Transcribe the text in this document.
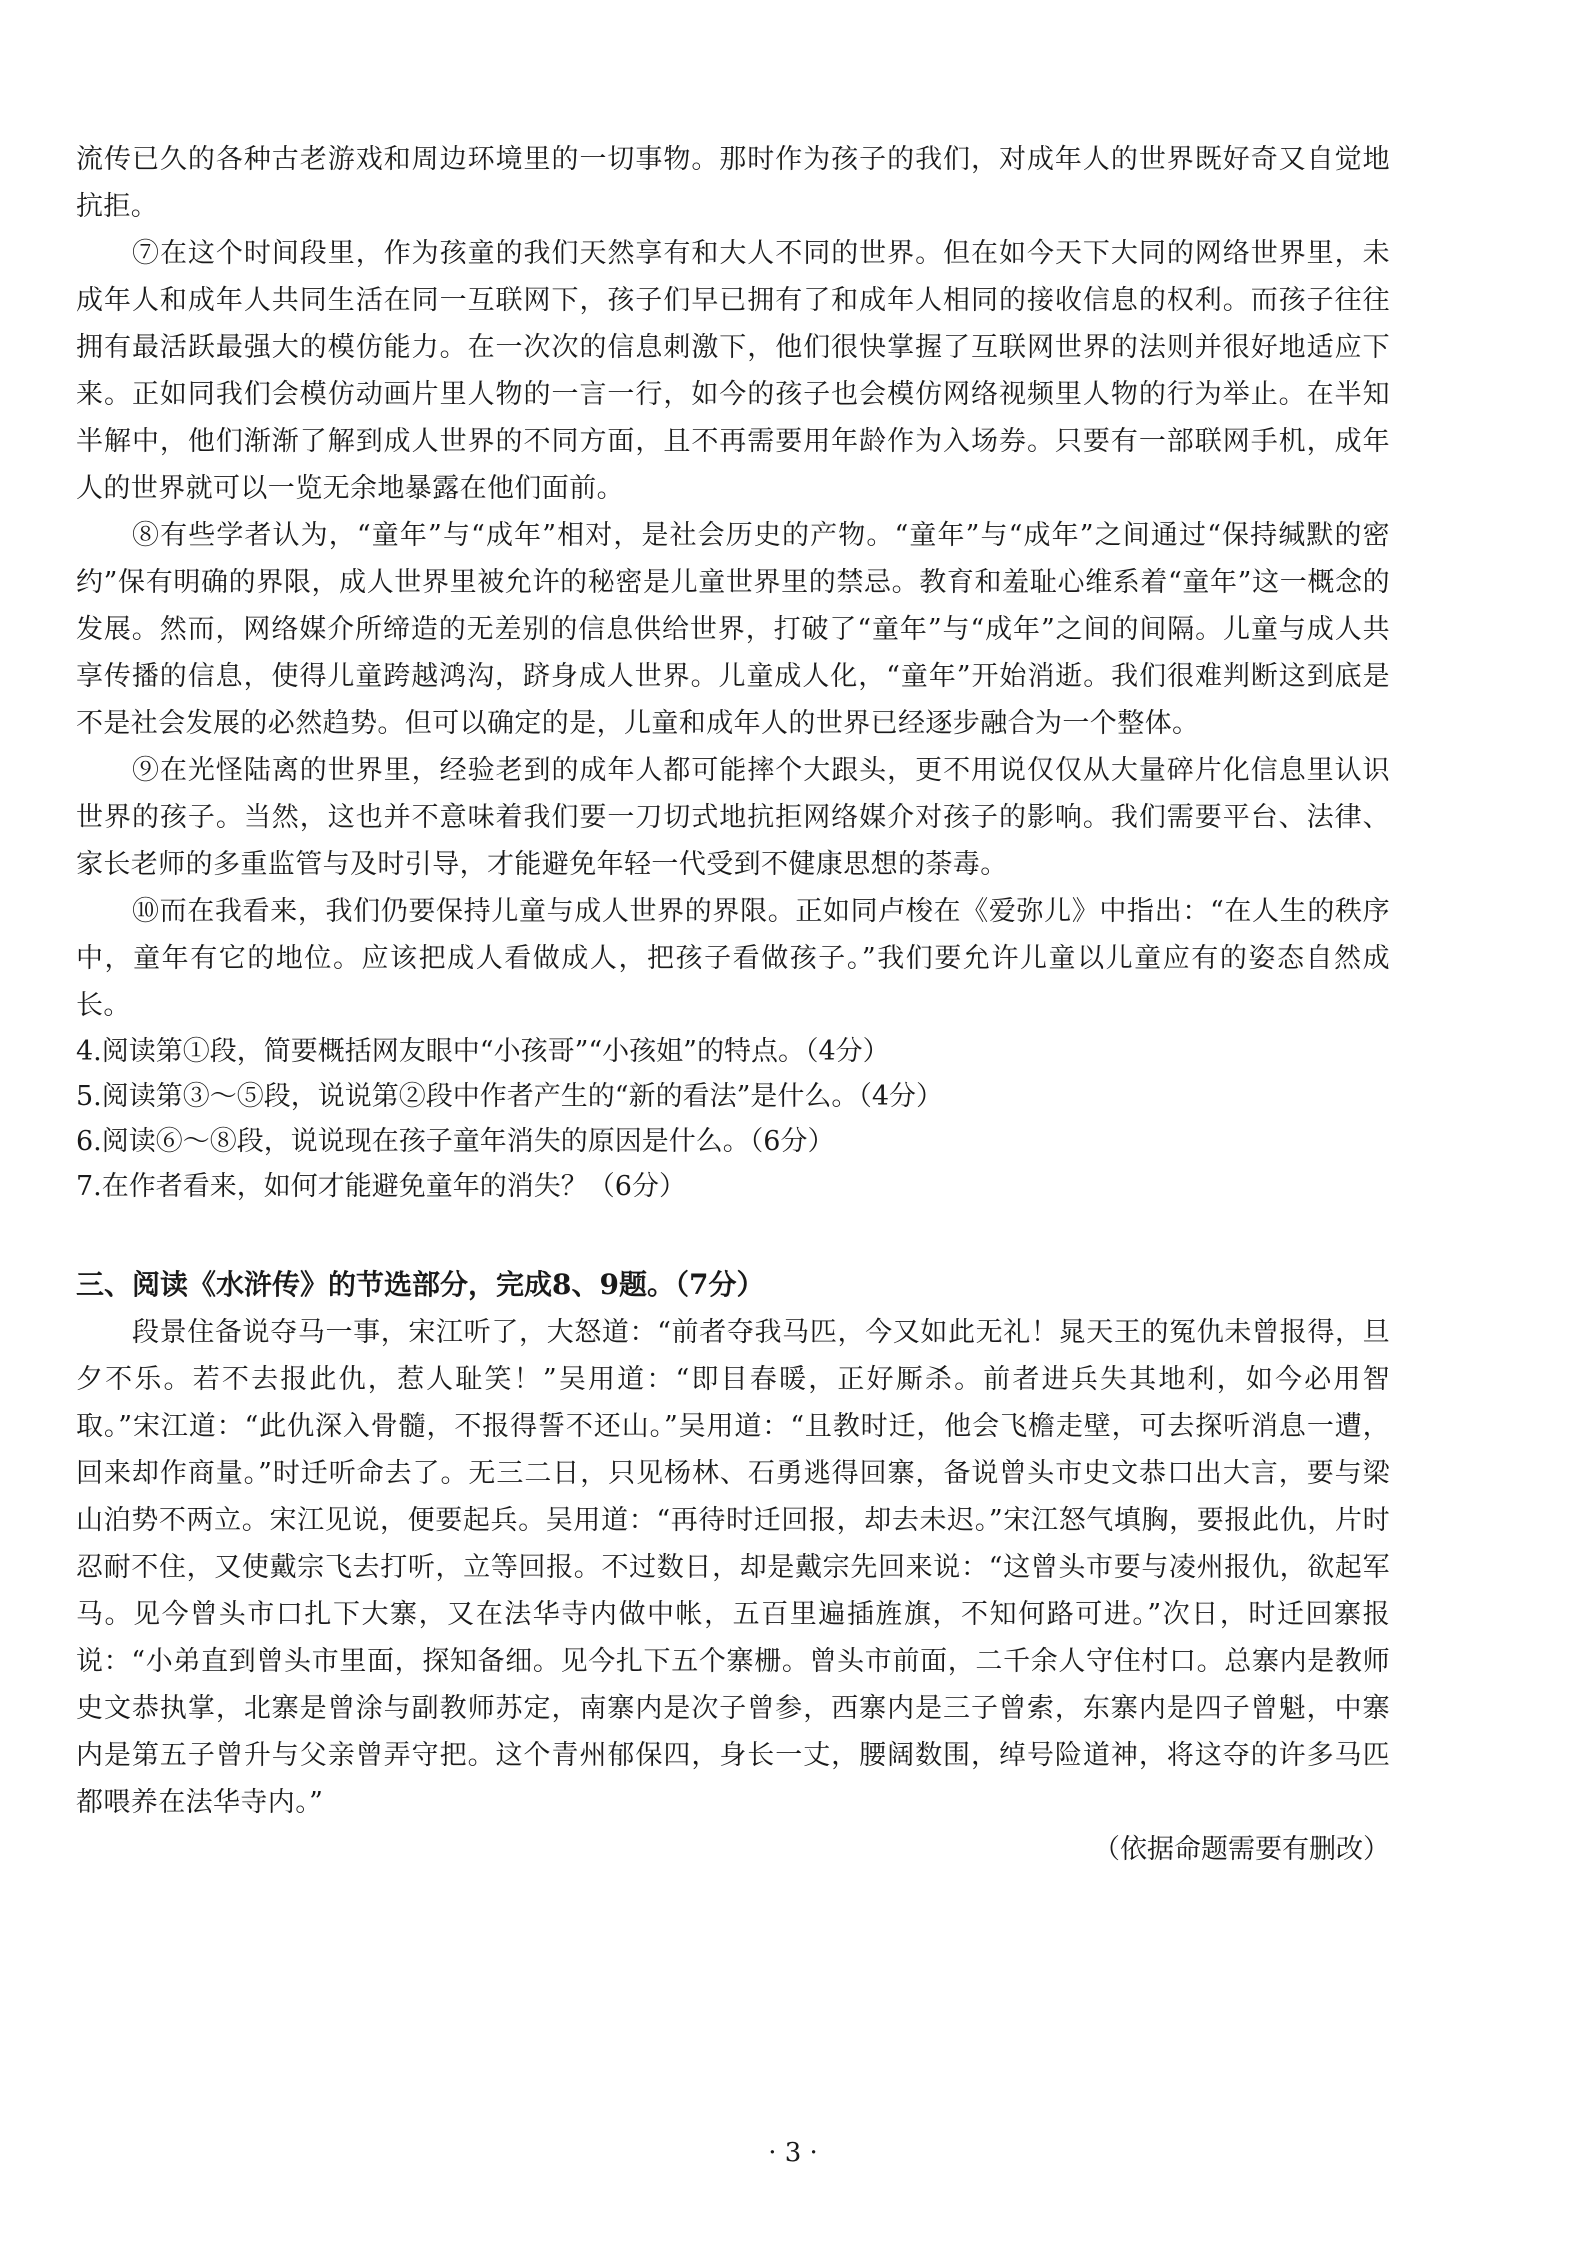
流传已久的各种古老游戏和周边环境里的一切事物。那时作为孩子的我们，对成年人的世界既好奇又自觉地抗拒。

⑦在这个时间段里，作为孩童的我们天然享有和大人不同的世界。但在如今天下大同的网络世界里，未成年人和成年人共同生活在同一互联网下，孩子们早已拥有了和成年人相同的接收信息的权利。而孩子往往拥有最活跃最强大的模仿能力。在一次次的信息刺激下，他们很快掌握了互联网世界的法则并很好地适应下来。正如同我们会模仿动画片里人物的一言一行，如今的孩子也会模仿网络视频里人物的行为举止。在半知半解中，他们渐渐了解到成人世界的不同方面，且不再需要用年龄作为入场券。只要有一部联网手机，成年人的世界就可以一览无余地暴露在他们面前。

⑧有些学者认为，“童年”与“成年”相对，是社会历史的产物。“童年”与“成年”之间通过“保持缄默的密约”保有明确的界限，成人世界里被允许的秘密是儿童世界里的禁忌。教育和羞耻心维系着“童年”这一概念的发展。然而，网络媒介所缔造的无差别的信息供给世界，打破了“童年”与“成年”之间的间隔。儿童与成人共享传播的信息，使得儿童跨越鸿沟，跻身成人世界。儿童成人化，“童年”开始消逝。我们很难判断这到底是不是社会发展的必然趋势。但可以确定的是，儿童和成年人的世界已经逐步融合为一个整体。

⑨在光怪陆离的世界里，经验老到的成年人都可能摔个大跟头，更不用说仅仅从大量碎片化信息里认识世界的孩子。当然，这也并不意味着我们要一刀切式地抗拒网络媒介对孩子的影响。我们需要平台、法律、家长老师的多重监管与及时引导，才能避免年轻一代受到不健康思想的荼毒。

⑩而在我看来，我们仍要保持儿童与成人世界的界限。正如同卢梭在《爱弥儿》中指出：“在人生的秩序中，童年有它的地位。应该把成人看做成人，把孩子看做孩子。”我们要允许儿童以儿童应有的姿态自然成长。

4.阅读第①段，简要概括网友眼中“小孩哥”“小孩姐”的特点。（4分）

5.阅读第③～⑤段，说说第②段中作者产生的“新的看法”是什么。（4分）

6.阅读⑥～⑧段，说说现在孩子童年消失的原因是什么。（6分）

7.在作者看来，如何才能避免童年的消失？（6分）

三、阅读《水浒传》的节选部分，完成8、9题。（7分）

段景住备说夺马一事，宋江听了，大怒道：“前者夺我马匹，今又如此无礼！晁天王的冤仇未曾报得，旦夕不乐。若不去报此仇，惹人耻笑！”吴用道：“即目春暖，正好厮杀。前者进兵失其地利，如今必用智取。”宋江道：“此仇深入骨髓，不报得誓不还山。”吴用道：“且教时迁，他会飞檐走壁，可去探听消息一遭，回来却作商量。”时迁听命去了。无三二日，只见杨林、石勇逃得回寨，备说曾头市史文恭口出大言，要与梁山泊势不两立。宋江见说，便要起兵。吴用道：“再待时迁回报，却去未迟。”宋江怒气填胸，要报此仇，片时忍耐不住，又使戴宗飞去打听，立等回报。不过数日，却是戴宗先回来说：“这曾头市要与凌州报仇，欲起军马。见今曾头市口扎下大寨，又在法华寺内做中帐，五百里遍插旌旗，不知何路可进。”次日，时迁回寨报说：“小弟直到曾头市里面，探知备细。见今扎下五个寨栅。曾头市前面，二千余人守住村口。总寨内是教师史文恭执掌，北寨是曾涂与副教师苏定，南寨内是次子曾参，西寨内是三子曾索，东寨内是四子曾魁，中寨内是第五子曾升与父亲曾弄守把。这个青州郁保四，身长一丈，腰阔数围，绰号险道神，将这夺的许多马匹都喂养在法华寺内。”

（依据命题需要有删改）

· 3 ·
